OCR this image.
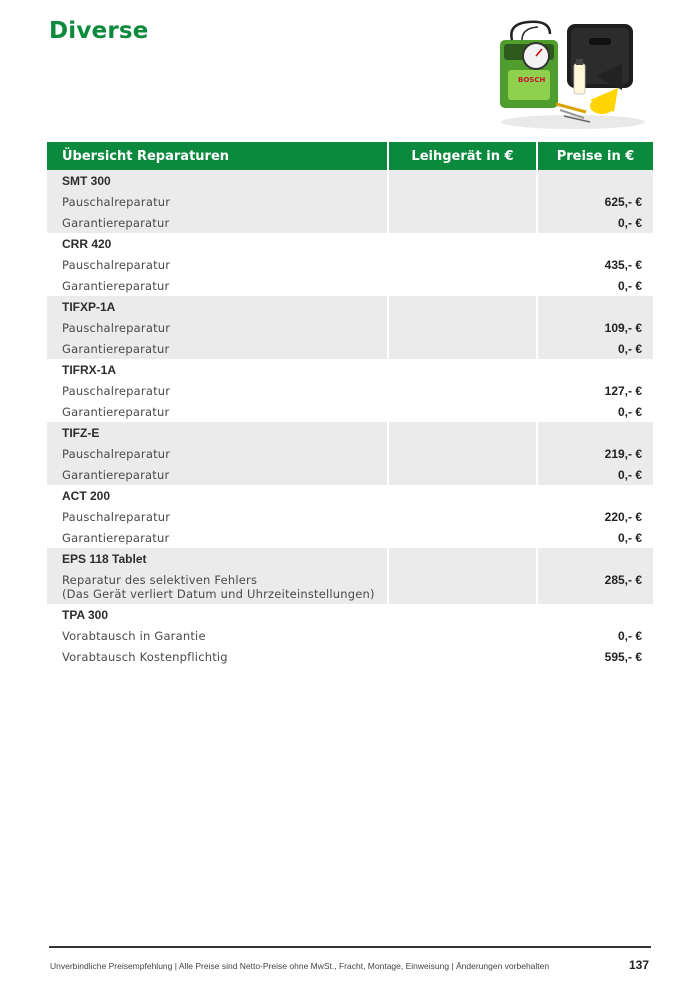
Diverse
BOSCH
Übersicht Reparaturen	Leihgerät in €	Preise in €
SMT 300		
Pauschalreparatur		625,- €
Garantiereparatur		0,- €
CRR 420		
Pauschalreparatur		435,- €
Garantiereparatur		0,- €
TIFXP-1A		
Pauschalreparatur		109,- €
Garantiereparatur		0,- €
TIFRX-1A		
Pauschalreparatur		127,- €
Garantiereparatur		0,- €
TIFZ-E		
Pauschalreparatur		219,- €
Garantiereparatur		0,- €
ACT 200		
Pauschalreparatur		220,- €
Garantiereparatur		0,- €
EPS 118 Tablet		
Reparatur des selektiven Fehlers
(Das Gerät verliert Datum und Uhrzeiteinstellungen)		285,- €
TPA 300		
Vorabtausch in Garantie		0,- €
Vorabtausch Kostenpflichtig		595,- €
Unverbindliche Preisempfehlung | Alle Preise sind Netto-Preise ohne MwSt., Fracht, Montage, Einweisung | Änderungen vorbehalten	137
